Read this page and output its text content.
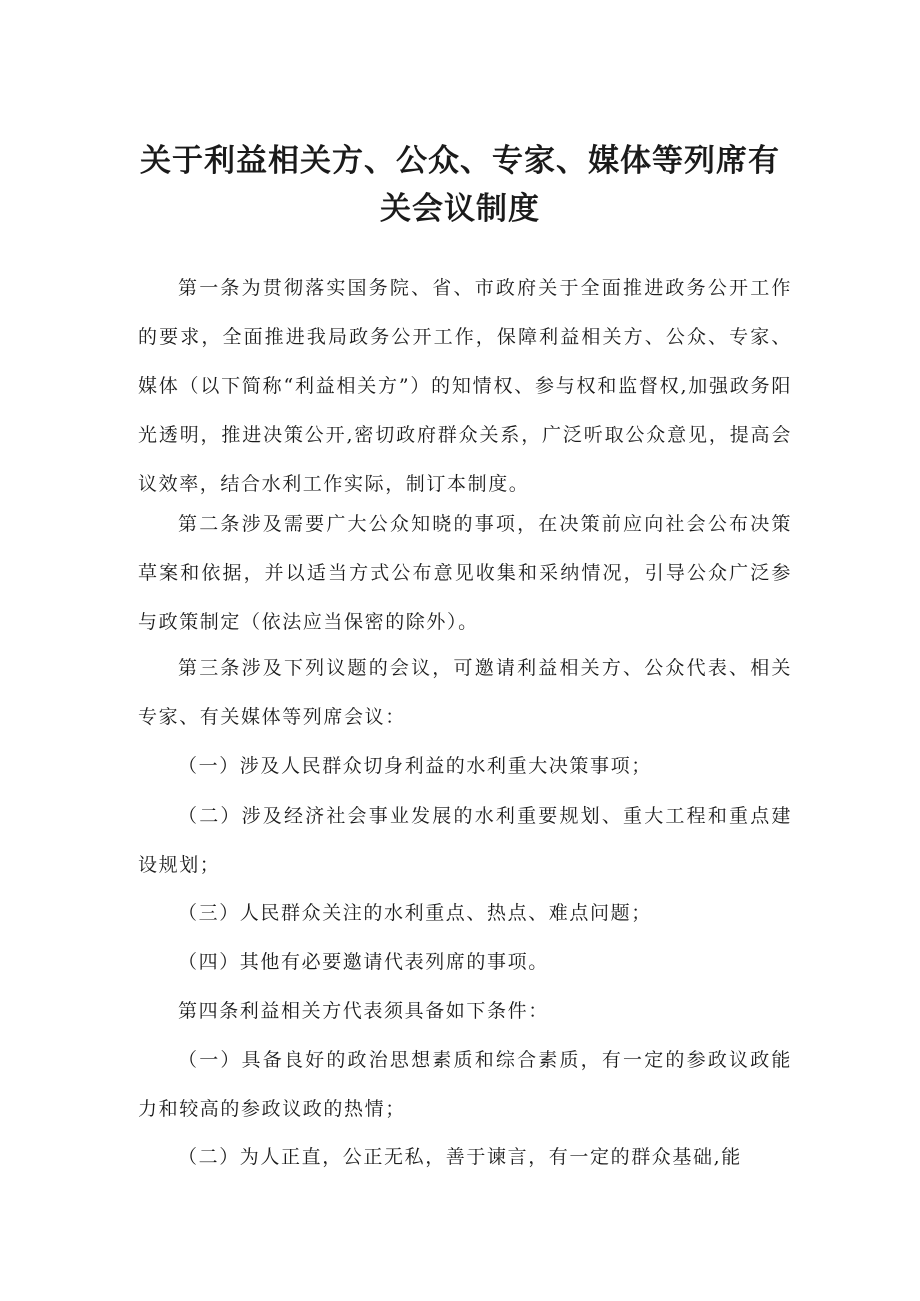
关于利益相关方、公众、专家、媒体等列席有
关会议制度

第一条为贯彻落实国务院、省、市政府关于全面推进政务公开工作的要求，全面推进我局政务公开工作，保障利益相关方、公众、专家、媒体（以下简称“利益相关方”）的知情权、参与权和监督权,加强政务阳光透明，推进决策公开,密切政府群众关系，广泛听取公众意见，提高会议效率，结合水利工作实际，制订本制度。

第二条涉及需要广大公众知晓的事项，在决策前应向社会公布决策草案和依据，并以适当方式公布意见收集和采纳情况，引导公众广泛参与政策制定（依法应当保密的除外）。

第三条涉及下列议题的会议，可邀请利益相关方、公众代表、相关专家、有关媒体等列席会议：

（一）涉及人民群众切身利益的水利重大决策事项；

（二）涉及经济社会事业发展的水利重要规划、重大工程和重点建设规划；

（三）人民群众关注的水利重点、热点、难点问题；

（四）其他有必要邀请代表列席的事项。

第四条利益相关方代表须具备如下条件：

（一）具备良好的政治思想素质和综合素质，有一定的参政议政能力和较高的参政议政的热情；

（二）为人正直，公正无私，善于谏言，有一定的群众基础,能
